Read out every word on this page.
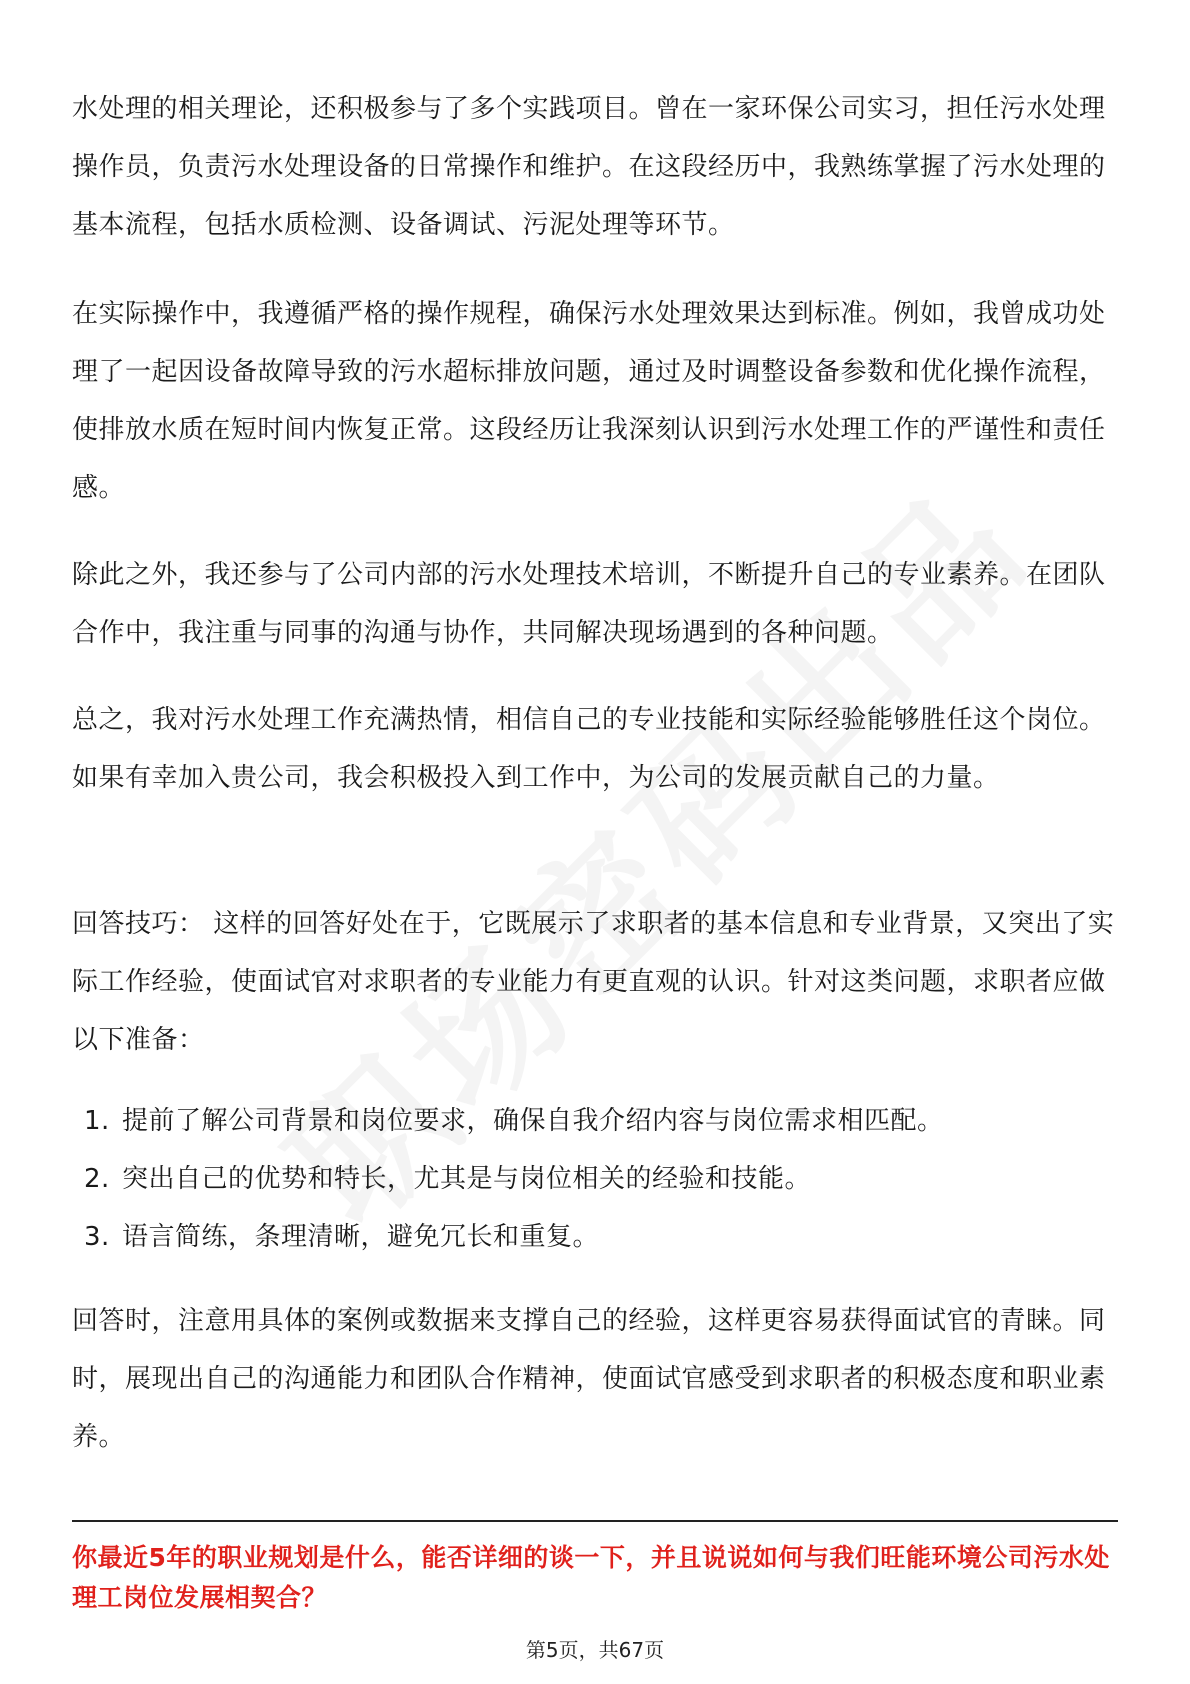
水处理的相关理论，还积极参与了多个实践项目。曾在一家环保公司实习，担任污水处理操作员，负责污水处理设备的日常操作和维护。在这段经历中，我熟练掌握了污水处理的基本流程，包括水质检测、设备调试、污泥处理等环节。

在实际操作中，我遵循严格的操作规程，确保污水处理效果达到标准。例如，我曾成功处理了一起因设备故障导致的污水超标排放问题，通过及时调整设备参数和优化操作流程，使排放水质在短时间内恢复正常。这段经历让我深刻认识到污水处理工作的严谨性和责任感。

除此之外，我还参与了公司内部的污水处理技术培训，不断提升自己的专业素养。在团队合作中，我注重与同事的沟通与协作，共同解决现场遇到的各种问题。

总之，我对污水处理工作充满热情，相信自己的专业技能和实际经验能够胜任这个岗位。如果有幸加入贵公司，我会积极投入到工作中，为公司的发展贡献自己的力量。

回答技巧： 这样的回答好处在于，它既展示了求职者的基本信息和专业背景，又突出了实际工作经验，使面试官对求职者的专业能力有更直观的认识。针对这类问题，求职者应做以下准备：

1. 提前了解公司背景和岗位要求，确保自我介绍内容与岗位需求相匹配。
2. 突出自己的优势和特长，尤其是与岗位相关的经验和技能。
3. 语言简练，条理清晰，避免冗长和重复。

回答时，注意用具体的案例或数据来支撑自己的经验，这样更容易获得面试官的青睐。同时，展现出自己的沟通能力和团队合作精神，使面试官感受到求职者的积极态度和职业素养。

你最近5年的职业规划是什么，能否详细的谈一下，并且说说如何与我们旺能环境公司污水处理工岗位发展相契合？

第5页，共67页
